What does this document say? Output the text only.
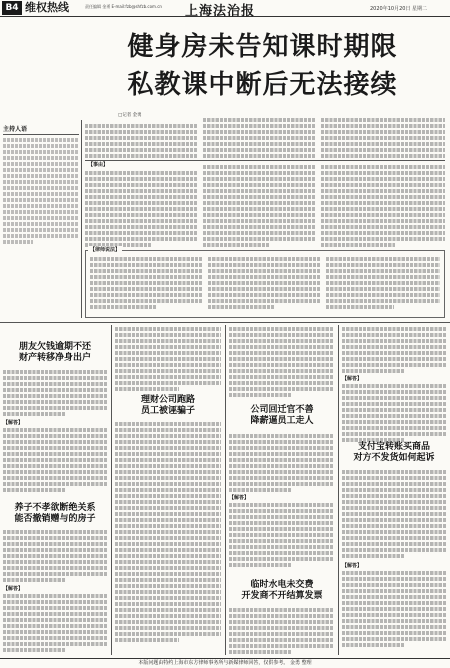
B4 维权热线	责任编辑 金勇 E-mail:fzb@shfzb.com.cn 上海法治报	2020年10月20日 星期二
健身房未告知课时期限
私教课中断后无法接续
□记者 金勇
主持人语
【事由】
【律师说法】
朋友欠钱逾期不还
财产转移净身出户
【解答】
养子不孝欲断绝关系
能否撤销赠与的房子
【解答】
理财公司跑路
员工被诬骗子	公司回迁官不善
降薪逼员工走人
【解答】
临时水电未交费
开发商不开结算发票
【解答】
支付宝转账买商品
对方不发货如何起诉
【解答】
本版问题由特约上海市东方律师事务所与新媒律师回答，仅供参考。 金勇 整理
